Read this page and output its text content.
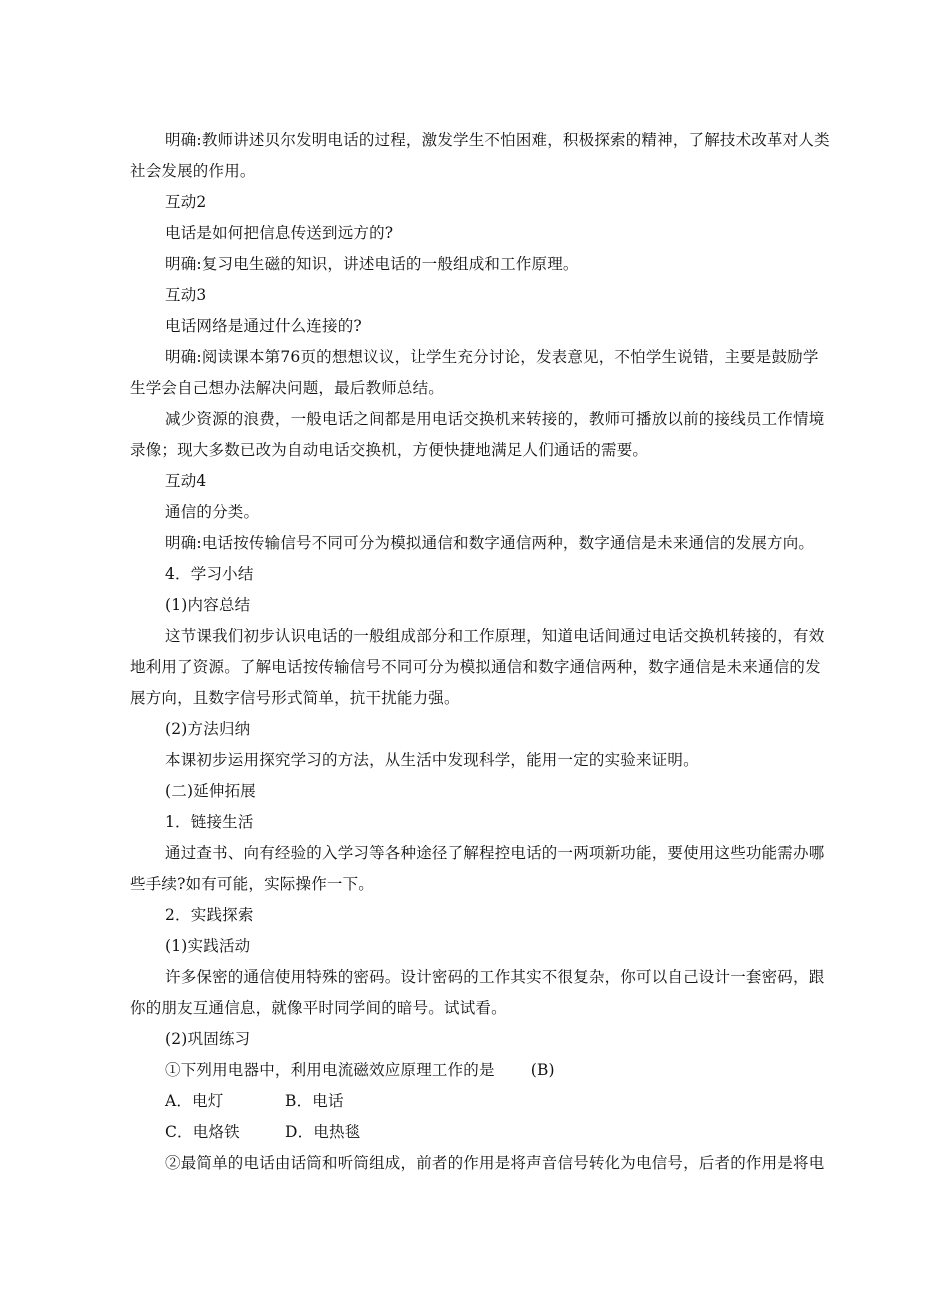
明确:教师讲述贝尔发明电话的过程，激发学生不怕困难，积极探索的精神，了解技术改革对人类
社会发展的作用。
互动2
电话是如何把信息传送到远方的?
明确:复习电生磁的知识，讲述电话的一般组成和工作原理。
互动3
电话网络是通过什么连接的?
明确:阅读课本第76页的想想议议，让学生充分讨论，发表意见，不怕学生说错，主要是鼓励学
生学会自己想办法解决问题，最后教师总结。
减少资源的浪费，一般电话之间都是用电话交换机来转接的，教师可播放以前的接线员工作情境
录像；现大多数已改为自动电话交换机，方便快捷地满足人们通话的需要。
互动4
通信的分类。
明确:电话按传输信号不同可分为模拟通信和数字通信两种，数字通信是未来通信的发展方向。
4．学习小结
(1)内容总结
这节课我们初步认识电话的一般组成部分和工作原理，知道电话间通过电话交换机转接的，有效
地利用了资源。了解电话按传输信号不同可分为模拟通信和数字通信两种，数字通信是未来通信的发
展方向，且数字信号形式简单，抗干扰能力强。
(2)方法归纳
本课初步运用探究学习的方法，从生活中发现科学，能用一定的实验来证明。
(二)延伸拓展
1．链接生活
通过查书、向有经验的入学习等各种途径了解程控电话的一两项新功能，要使用这些功能需办哪
些手续?如有可能，实际操作一下。
2．实践探索
(1)实践活动
许多保密的通信使用特殊的密码。设计密码的工作其实不很复杂，你可以自己设计一套密码，跟
你的朋友互通信息，就像平时同学间的暗号。试试看。
(2)巩固练习
①下列用电器中，利用电流磁效应原理工作的是 (B)
A．电灯	B．电话
C．电烙铁	D．电热毯
②最简单的电话由话筒和听筒组成，前者的作用是将声音信号转化为电信号，后者的作用是将电
